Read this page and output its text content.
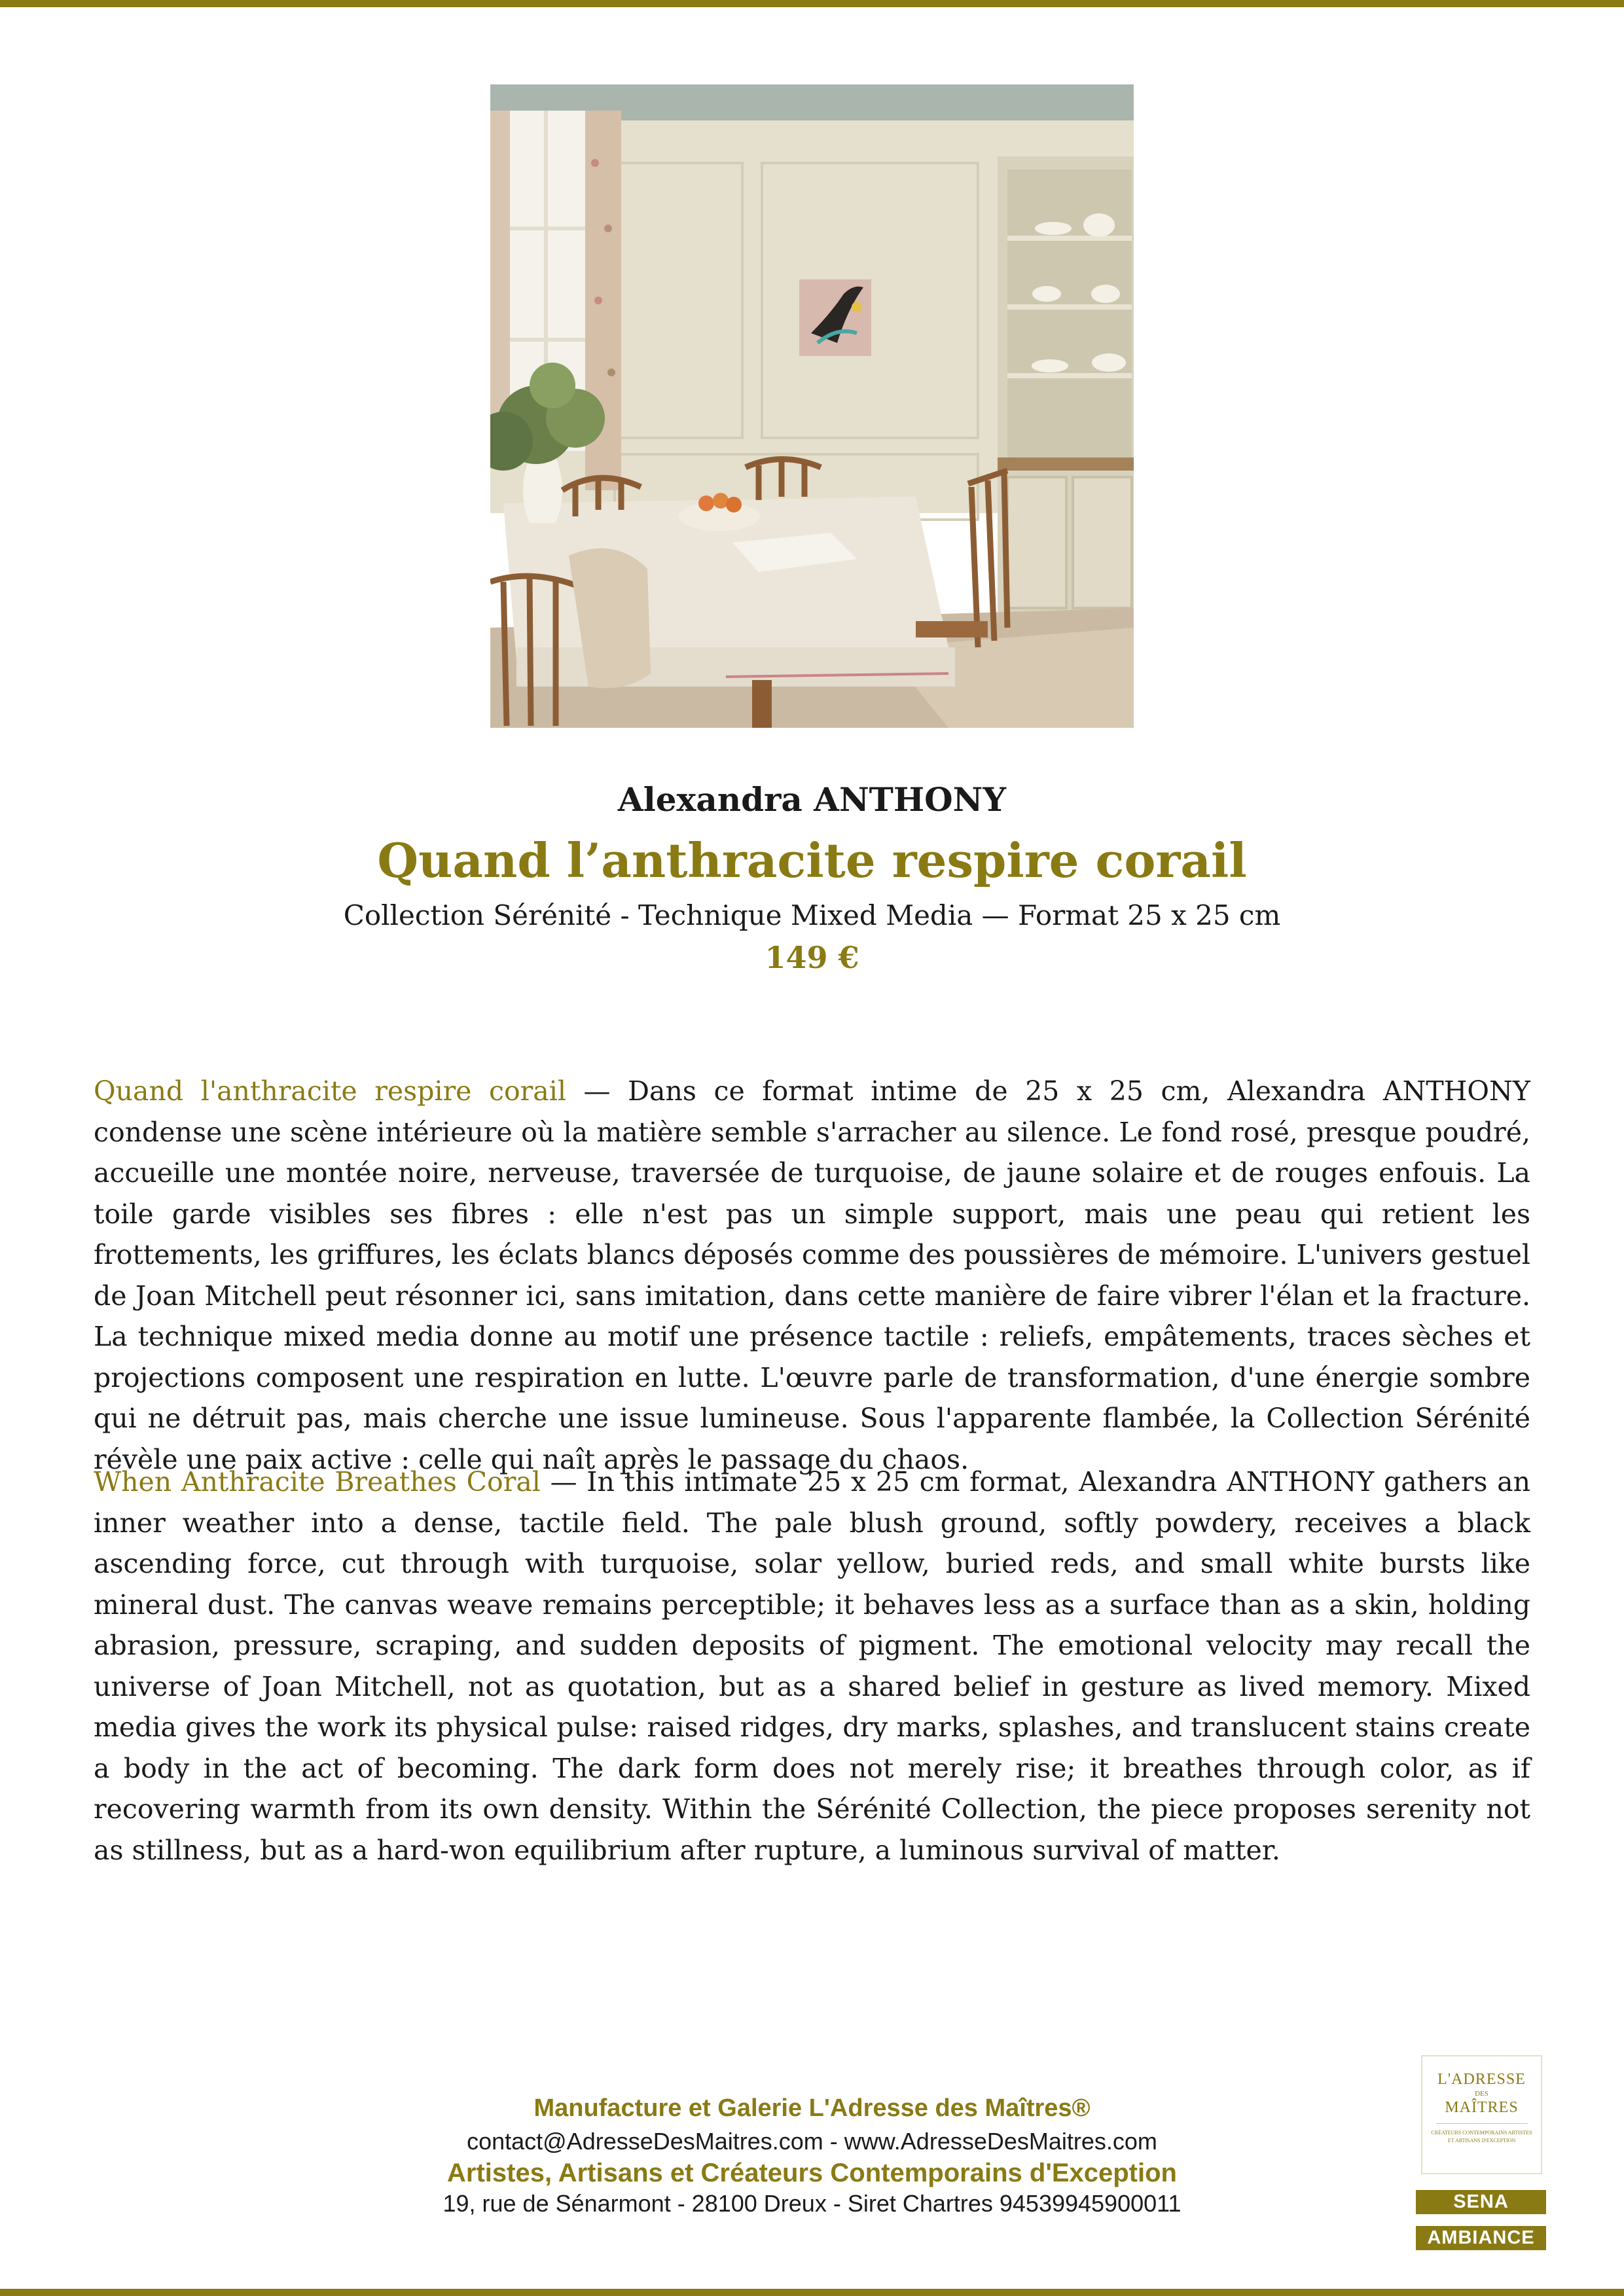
Alexandra ANTHONY
Quand l’anthracite respire corail
Collection Sérénité - Technique Mixed Media — Format 25 x 25 cm
149 €

Quand l'anthracite respire corail — Dans ce format intime de 25 x 25 cm, Alexandra ANTHONY condense une scène intérieure où la matière semble s'arracher au silence. Le fond rosé, presque poudré, accueille une montée noire, nerveuse, traversée de turquoise, de jaune solaire et de rouges enfouis. La toile garde visibles ses fibres : elle n'est pas un simple support, mais une peau qui retient les frottements, les griffures, les éclats blancs déposés comme des poussières de mémoire. L'univers gestuel de Joan Mitchell peut résonner ici, sans imitation, dans cette manière de faire vibrer l'élan et la fracture. La technique mixed media donne au motif une présence tactile : reliefs, empâtements, traces sèches et projections composent une respiration en lutte. L'œuvre parle de transformation, d'une énergie sombre qui ne détruit pas, mais cherche une issue lumineuse. Sous l'apparente flambée, la Collection Sérénité révèle une paix active : celle qui naît après le passage du chaos.

When Anthracite Breathes Coral — In this intimate 25 x 25 cm format, Alexandra ANTHONY gathers an inner weather into a dense, tactile field. The pale blush ground, softly powdery, receives a black ascending force, cut through with turquoise, solar yellow, buried reds, and small white bursts like mineral dust. The canvas weave remains perceptible; it behaves less as a surface than as a skin, holding abrasion, pressure, scraping, and sudden deposits of pigment. The emotional velocity may recall the universe of Joan Mitchell, not as quotation, but as a shared belief in gesture as lived memory. Mixed media gives the work its physical pulse: raised ridges, dry marks, splashes, and translucent stains create a body in the act of becoming. The dark form does not merely rise; it breathes through color, as if recovering warmth from its own density. Within the Sérénité Collection, the piece proposes serenity not as stillness, but as a hard-won equilibrium after rupture, a luminous survival of matter.

Manufacture et Galerie L'Adresse des Maîtres®
contact@AdresseDesMaitres.com - www.AdresseDesMaitres.com
Artistes, Artisans et Créateurs Contemporains d'Exception
19, rue de Sénarmont - 28100 Dreux - Siret Chartres 94539945900011
L'ADRESSE
DES
MAÎTRES
CRÉATEURS CONTEMPORAINS ARTISTES ET ARTISANS D'EXCEPTION
SENA
AMBIANCE
